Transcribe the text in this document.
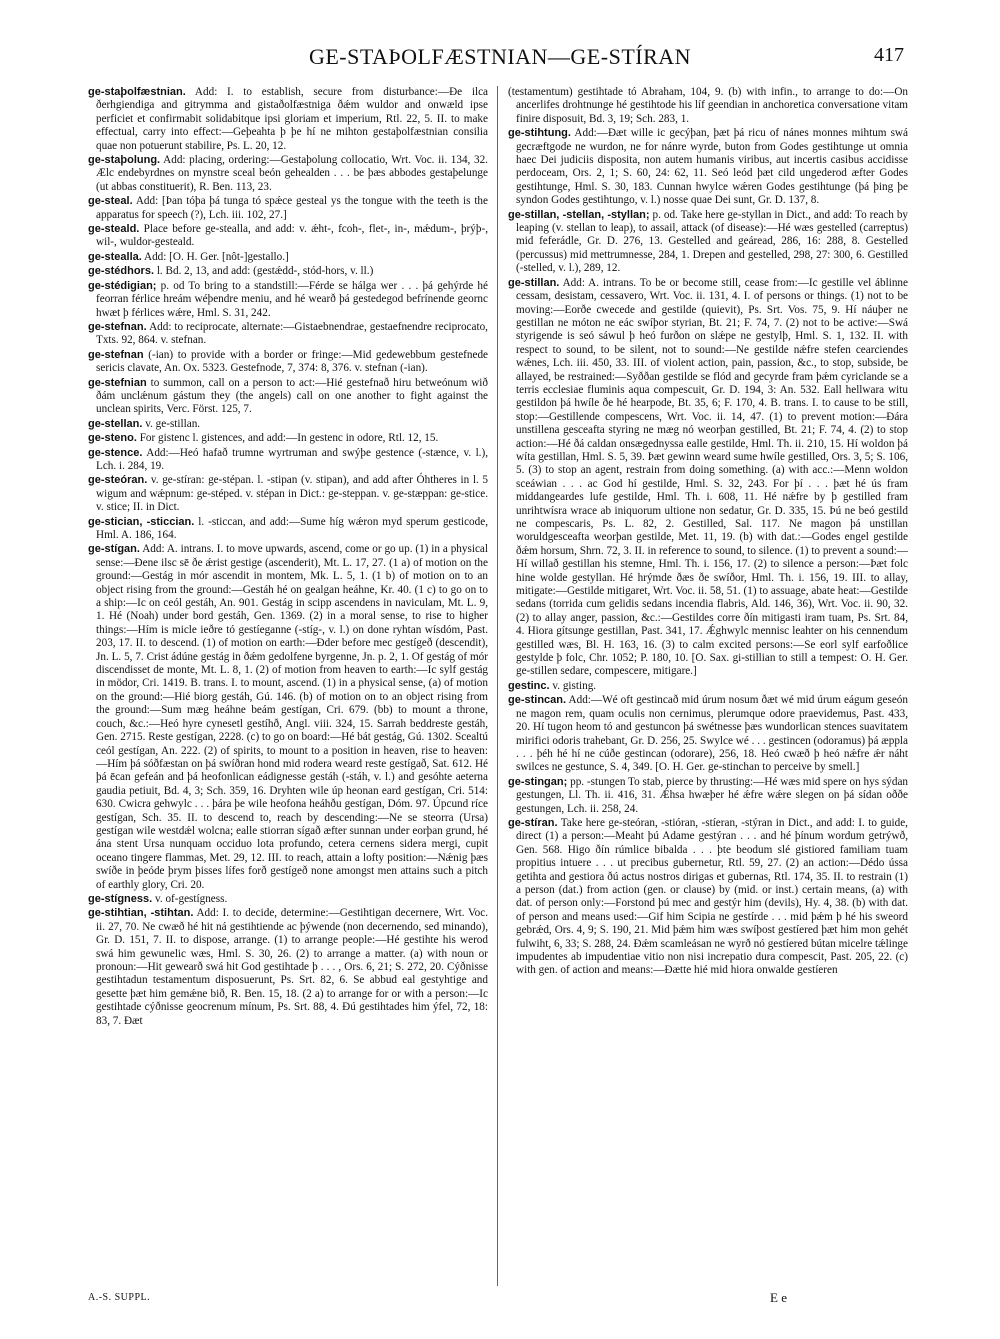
GE-STAÞOLFÆSTNIAN—GE-STÍRAN	417

ge-staþolfæstnian. Add: I. to establish, secure from disturbance:—Ðe ilca ðerhgiendiga and gitrymma and gistaðolfæstniga ðǽm wuldor and onwæld ipse perficiet et confirmabit solidabitque ipsi gloriam et imperium, Rtl. 22, 5. II. to make effectual, carry into effect:—Geþeahta þ þe hí ne mihton gestaþolfæstnian consilia quae non potuerunt stabilire, Ps. L. 20, 12.

ge-staþolung. Add: placing, ordering:—Gestaþolung collocatio, Wrt. Voc. ii. 134, 32. Ælc endebyrdnes on mynstre sceal beón gehealden . . . be þæs abbodes gestaþelunge (ut abbas constituerit), R. Ben. 113, 23.

ge-steal. Add: [Þan tóþa þá tunga tó spǽce gesteal ys the tongue with the teeth is the apparatus for speech (?), Lch. iii. 102, 27.]

ge-steald. Place before ge-stealla, and add: v. ǽht-, fcoh-, flet-, in-, mǽdum-, þrýþ-, wil-, wuldor-gesteald.

ge-stealla. Add: [O. H. Ger. [nôt-]gestallo.]

ge-stédhors. l. Bd. 2, 13, and add: (gestǽdd-, stód-hors, v. ll.)

ge-stédigian; p. od To bring to a standstill:—Férde se hálga wer . . . þá gehýrde hé feorran férlice hreám wéþendre meniu, and hé wearð þá gestedegod befrínende geornc hwæt þ férlices wǽre, Hml. S. 31, 242.

ge-stefnan. Add: to reciprocate, alternate:—Gistaebnendrae, gestaefnendre reciprocato, Txts. 92, 864. v. stefnan.

ge-stefnan (-ian) to provide with a border or fringe:—Mid gedewebbum gestefnede sericis clavate, An. Ox. 5323. Gestefnode, 7, 374: 8, 376. v. stefnan (-ian).

ge-stefnian to summon, call on a person to act:—Hié gestefnað hiru betweónum wið ðám unclǽnum gástum they (the angels) call on one another to fight against the unclean spirits, Verc. Först. 125, 7.

ge-stellan. v. ge-stillan.

ge-steno. For gistenc l. gistences, and add:—In gestenc in odore, Rtl. 12, 15.

ge-stence. Add:—Heó hafað trumne wyrtruman and swýþe gestence (-stænce, v. l.), Lch. i. 284, 19.

ge-steóran. v. ge-stíran: ge-stépan. l. -stipan (v. stipan), and add after Óhtheres in l. 5 wigum and wǽpnum: ge-stéped. v. stépan in Dict.: ge-steppan. v. ge-stæppan: ge-stice. v. stice; II. in Dict.

ge-stician, -sticcian. l. -sticcan, and add:—Sume híg wǽron myd sperum gesticode, Hml. A. 186, 164.

ge-stígan. Add: A. intrans. I. to move upwards, ascend, come or go up. (1) in a physical sense:—Ðene ilsc sē ðe ǽrist gestige (ascenderit), Mt. L. 17, 27. (1 a) of motion on the ground:—Gestág in mór ascendit in montem, Mk. L. 5, 1. (1 b) of motion on to an object rising from the ground:—Gestáh hé on gealgan heáhne, Kr. 40. (1 c) to go on to a ship:—Ic on ceól gestáh, An. 901. Gestág in scipp ascendens in naviculam, Mt. L. 9, 1. Hé (Noah) under bord gestáh, Gen. 1369. (2) in a moral sense, to rise to higher things:—Hím is micle ieðre tó gestíeganne (-stíg-, v. l.) on done ryhtan wísdóm, Past. 203, 17. II. to descend. (1) of motion on earth:—Ðder before mec gestígeð (descendit), Jn. L. 5, 7. Crist ádúne gestág in ðǽm gedolfene byrgenne, Jn. p. 2, 1. Of gestág of mór discendisset de monte, Mt. L. 8, 1. (2) of motion from heaven to earth:—Ic sylf gestág in mödor, Cri. 1419. B. trans. I. to mount, ascend. (1) in a physical sense, (a) of motion on the ground:—Hié biorg gestáh, Gú. 146. (b) of motion on to an object rising from the ground:—Sum mæg heáhne beám gestígan, Cri. 679. (bb) to mount a throne, couch, &c.:—Heó hyre cynesetl gestíhð, Angl. viii. 324, 15. Sarrah beddreste gestáh, Gen. 2715. Reste gestígan, 2228. (c) to go on board:—Hé bát gestág, Gú. 1302. Scealtú ceól gestígan, An. 222. (2) of spirits, to mount to a position in heaven, rise to heaven:—Hím þá sóðfæstan on þá swíðran hond mid rodera weard reste gestígað, Sat. 612. Hé þá ēcan gefeán and þá heofonlican eádignesse gestáh (-stáh, v. l.) and gesóhte aeterna gaudia petiuit, Bd. 4, 3; Sch. 359, 16. Dryhten wile úp heonan eard gestígan, Cri. 514: 630. Cwicra gehwylc . . . þára þe wile heofona heáhðu gestígan, Dóm. 97. Úpcund ríce gestígan, Sch. 35. II. to descend to, reach by descending:—Ne se steorra (Ursa) gestígan wile westdǽl wolcna; ealle stiorran sígað æfter sunnan under eorþan grund, hé ána stent Ursa nunquam occiduo lota profundo, cetera cernens sidera mergi, cupit oceano tingere flammas, Met. 29, 12. III. to reach, attain a lofty position:—Nǽnig þæs swíðe in þeóde þrym þisses lífes forð gestígeð none amongst men attains such a pitch of earthly glory, Cri. 20.

ge-stígness. v. of-gestígness.

ge-stihtian, -stihtan. Add: I. to decide, determine:—Gestihtigan decernere, Wrt. Voc. ii. 27, 70. Ne cwæð hé hit ná gestihtiende ac þýwende (non decernendo, sed minando), Gr. D. 151, 7. II. to dispose, arrange. (1) to arrange people:—Hé gestihte his werod swá him gewunelic wæs, Hml. S. 30, 26. (2) to arrange a matter. (a) with noun or pronoun:—Hit gewearð swá hit God gestihtade þ . . . , Ors. 6, 21; S. 272, 20. Cýðnisse gestihtadun testamentum disposuerunt, Ps. Srt. 82, 6. Se abbud eal gestyhtige and gesette þæt him gemǽne bið, R. Ben. 15, 18. (2 a) to arrange for or with a person:—Ic gestihtade cýðnisse geocrenum mínum, Ps. Srt. 88, 4. Ðú gestihtades him ýfel, 72, 18: 83, 7. Ðæt

(testamentum) gestihtade tó Abraham, 104, 9. (b) with infin., to arrange to do:—On ancerlifes drohtnunge hé gestihtode his líf geendian in anchoretica conversatione vitam finire disposuit, Bd. 3, 19; Sch. 283, 1.

ge-stihtung. Add:—Ðæt wille ic gecýþan, þæt þá ricu of nánes monnes mihtum swá gecræftgode ne wurdon, ne for nánre wyrde, buton from Godes gestihtunge ut omnia haec Dei judiciis disposita, non autem humanis viribus, aut incertis casibus accidisse perdoceam, Ors. 2, 1; S. 60, 24: 62, 11. Seó leód þæt cild ungederod æfter Godes gestihtunge, Hml. S. 30, 183. Cunnan hwylce wǽren Godes gestihtunge (þá þing þe syndon Godes gestihtungo, v. l.) nosse quae Dei sunt, Gr. D. 137, 8.

ge-stillan, -stellan, -styllan; p. od. Take here ge-styllan in Dict., and add: To reach by leaping (v. stellan to leap), to assail, attack (of disease):—Hé wæs gestelled (carreptus) mid feferádle, Gr. D. 276, 13. Gestelled and geáread, 286, 16: 288, 8. Gestelled (percussus) mid mettrumnesse, 284, 1. Drepen and gestelled, 298, 27: 300, 6. Gestilled (-stelled, v. l.), 289, 12.

ge-stillan. Add: A. intrans. To be or become still, cease from:—Ic gestille vel áblinne cessam, desistam, cessavero, Wrt. Voc. ii. 131, 4. I. of persons or things. (1) not to be moving:—Eorðe cwecede and gestilde (quievit), Ps. Srt. Vos. 75, 9. Hí náuþer ne gestillan ne móton ne eác swíþor styrian, Bt. 21; F. 74, 7. (2) not to be active:—Swá styrigende is seó sáwul þ heó furðon on slǽpe ne gestylþ, Hml. S. 1, 132. II. with respect to sound, to be silent, not to sound:—Ne gestilde nǽfre stefen cearciendes wǽnes, Lch. iii. 450, 33. III. of violent action, pain, passion, &c., to stop, subside, be allayed, be restrained:—Syððan gestilde se flód and gecyrde fram þǽm cyriclande se a terris ecclesiae fluminis aqua compescuit, Gr. D. 194, 3: An. 532. Eall hellwara witu gestildon þá hwíle ðe hé hearpode, Bt. 35, 6; F. 170, 4. B. trans. I. to cause to be still, stop:—Gestillende compescens, Wrt. Voc. ii. 14, 47. (1) to prevent motion:—Ðára unstillena gesceafta styring ne mæg nó weorþan gestilled, Bt. 21; F. 74, 4. (2) to stop action:—Hé ðá caldan onsægednyssa ealle gestilde, Hml. Th. ii. 210, 15. Hí woldon þá wíta gestillan, Hml. S. 5, 39. Þæt gewinn weard sume hwíle gestilled, Ors. 3, 5; S. 106, 5. (3) to stop an agent, restrain from doing something. (a) with acc.:—Menn woldon sceáwian . . . ac God hí gestilde, Hml. S. 32, 243. For þí . . . þæt hé ús fram middangeardes lufe gestilde, Hml. Th. i. 608, 11. Hé nǽfre by þ gestilled fram unrihtwísra wrace ab iniquorum ultione non sedatur, Gr. D. 335, 15. Þú ne beó gestild ne compescaris, Ps. L. 82, 2. Gestilled, Sal. 117. Ne magon þá unstillan woruldgesceafta weorþan gestilde, Met. 11, 19. (b) with dat.:—Godes engel gestilde ðǽm horsum, Shrn. 72, 3. II. in reference to sound, to silence. (1) to prevent a sound:—Hí willað gestillan his stemne, Hml. Th. i. 156, 17. (2) to silence a person:—Þæt folc hine wolde gestyllan. Hé hrýmde ðæs ðe swíðor, Hml. Th. i. 156, 19. III. to allay, mitigate:—Gestilde mitigaret, Wrt. Voc. ii. 58, 51. (1) to assuage, abate heat:—Gestilde sedans (torrida cum gelidis sedans incendia flabris, Ald. 146, 36), Wrt. Voc. ii. 90, 32. (2) to allay anger, passion, &c.:—Gestildes corre ðín mitigasti iram tuam, Ps. Srt. 84, 4. Hiora gítsunge gestillan, Past. 341, 17. Ǽghwylc mennisc leahter on his cennendum gestilled wæs, Bl. H. 163, 16. (3) to calm excited persons:—Se eorl sylf earfoðlice gestylde þ folc, Chr. 1052; P. 180, 10. [O. Sax. gi-stillian to still a tempest: O. H. Ger. ge-stillen sedare, compescere, mitigare.]

gestinc. v. gisting.

ge-stincan. Add:—Wé oft gestincað mid úrum nosum ðæt wé mid úrum eágum geseón ne magon rem, quam oculis non cernimus, plerumque odore praevidemus, Past. 433, 20. Hí tugon heom tó and gestuncon þá swétnesse þæs wundorlican stences suavitatem mirifici odoris trahebant, Gr. D. 256, 25. Swylce wé . . . gestincen (odoramus) þá æppla . . . þéh hé hí ne cúðe gestincan (odorare), 256, 18. Heó cwæð þ heó nǽfre ǽr náht swilces ne gestunce, S. 4, 349. [O. H. Ger. ge-stinchan to perceive by smell.]

ge-stingan; pp. -stungen To stab, pierce by thrusting:—Hé wæs mid spere on hys sýdan gestungen, Ll. Th. ii. 416, 31. Ǽhsa hwæþer hé ǽfre wǽre slegen on þá sídan oððe gestungen, Lch. ii. 258, 24.

ge-stíran. Take here ge-steóran, -stióran, -stíeran, -stýran in Dict., and add: I. to guide, direct (1) a person:—Meaht þú Adame gestýran . . . and hé þínum wordum getrýwð, Gen. 568. Higo ðín rúmlice bibalda . . . þte beodum slé gistiored familiam tuam propitius intuere . . . ut precibus gubernetur, Rtl. 59, 27. (2) an action:—Dédo ússa getihta and gestiora ðú actus nostros dirigas et gubernas, Rtl. 174, 35. II. to restrain (1) a person (dat.) from action (gen. or clause) by (mid. or inst.) certain means, (a) with dat. of person only:—Forstond þú mec and gestýr him (devils), Hy. 4, 38. (b) with dat. of person and means used:—Gif him Scipia ne gestírde . . . mid þǽm þ hé his sweord gebrǽd, Ors. 4, 9; S. 190, 21. Mid þǽm him wæs swíþost gestíered þæt him mon gehét fulwiht, 6, 33; S. 288, 24. Ðǽm scamleásan ne wyrð nó gestíered bútan micelre tǽlinge impudentes ab impudentiae vitio non nisi increpatio dura compescit, Past. 205, 22. (c) with gen. of action and means:—Ðætte hié mid hiora onwalde gestíeren

A.-S. SUPPL.	E e
